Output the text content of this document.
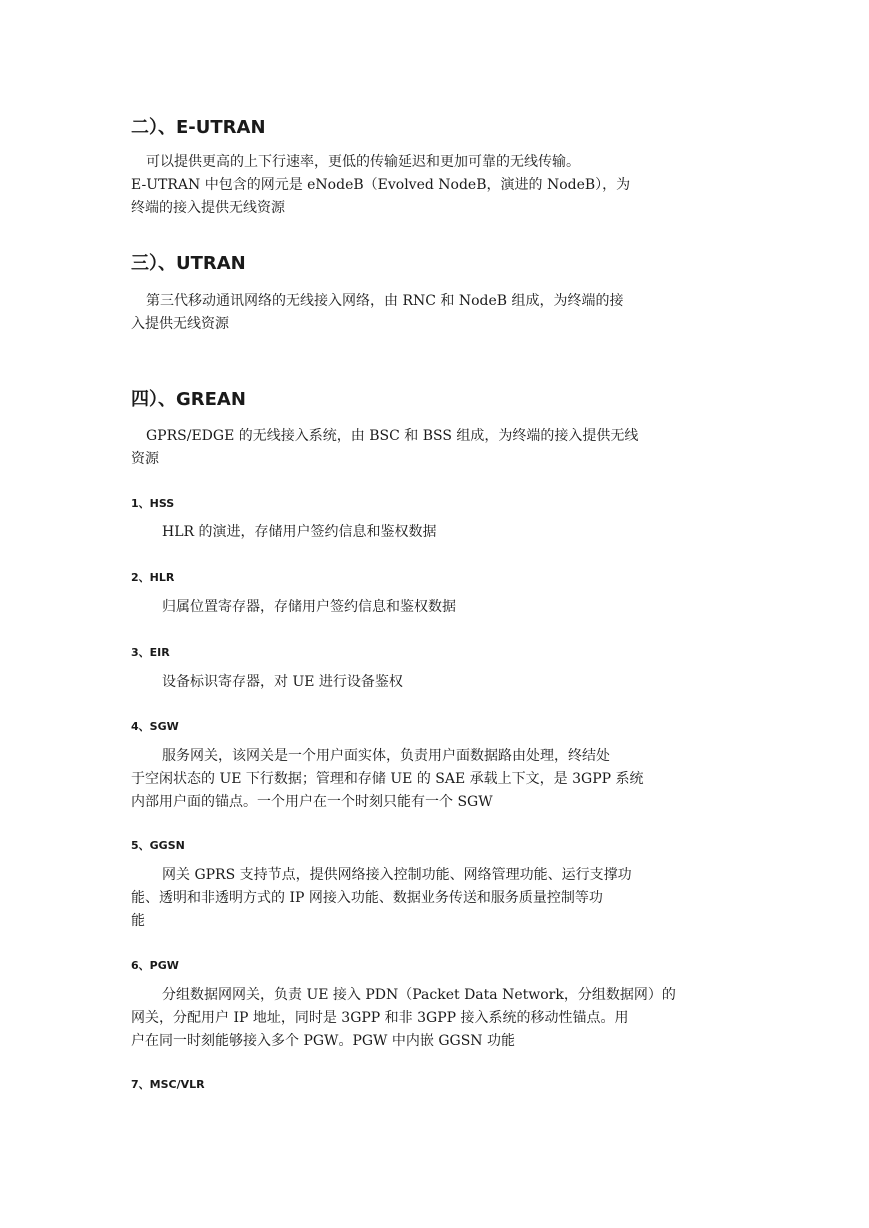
二）、E-UTRAN
可以提供更高的上下行速率，更低的传输延迟和更加可靠的无线传输。
E-UTRAN 中包含的网元是 eNodeB（Evolved NodeB，演进的 NodeB），为
终端的接入提供无线资源
三）、UTRAN
第三代移动通讯网络的无线接入网络，由 RNC 和 NodeB 组成，为终端的接
入提供无线资源
四）、GREAN
GPRS/EDGE 的无线接入系统，由 BSC 和 BSS 组成，为终端的接入提供无线
资源
1、HSS
HLR 的演进，存储用户签约信息和鉴权数据
2、HLR
归属位置寄存器，存储用户签约信息和鉴权数据
3、EIR
设备标识寄存器，对 UE 进行设备鉴权
4、SGW
服务网关，该网关是一个用户面实体，负责用户面数据路由处理，终结处
于空闲状态的 UE 下行数据；管理和存储 UE 的 SAE 承载上下文，是 3GPP 系统
内部用户面的锚点。一个用户在一个时刻只能有一个 SGW
5、GGSN
网关 GPRS 支持节点，提供网络接入控制功能、网络管理功能、运行支撑功
能、透明和非透明方式的 IP 网接入功能、数据业务传送和服务质量控制等功
能
6、PGW
分组数据网网关，负责 UE 接入 PDN（Packet Data Network，分组数据网）的
网关，分配用户 IP 地址，同时是 3GPP 和非 3GPP 接入系统的移动性锚点。用
户在同一时刻能够接入多个 PGW。PGW 中内嵌 GGSN 功能
7、MSC/VLR
